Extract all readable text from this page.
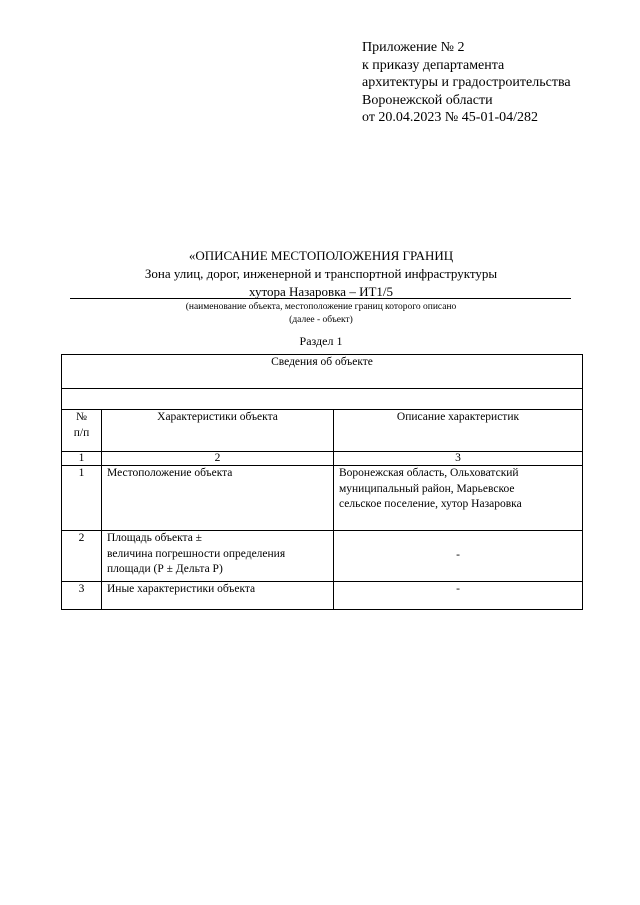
Приложение № 2
к приказу департамента
архитектуры и градостроительства
Воронежской области
от 20.04.2023 № 45-01-04/282
«ОПИСАНИЕ МЕСТОПОЛОЖЕНИЯ ГРАНИЦ
Зона улиц, дорог, инженерной и транспортной инфраструктуры
хутора Назаровка – ИТ1/5
(наименование объекта, местоположение границ которого описано
(далее - объект)
Раздел 1
Сведения об объекте		

№
п/п	Характеристики объекта	Описание характеристик
1	2	3
1	Местоположение объекта	Воронежская область, Ольховатский
муниципальный район, Марьевское
сельское поселение, хутор Назаровка

2	Площадь объекта ±
величина погрешности определения
площади (Р ± Дельта Р)	-
3	Иные характеристики объекта	-
